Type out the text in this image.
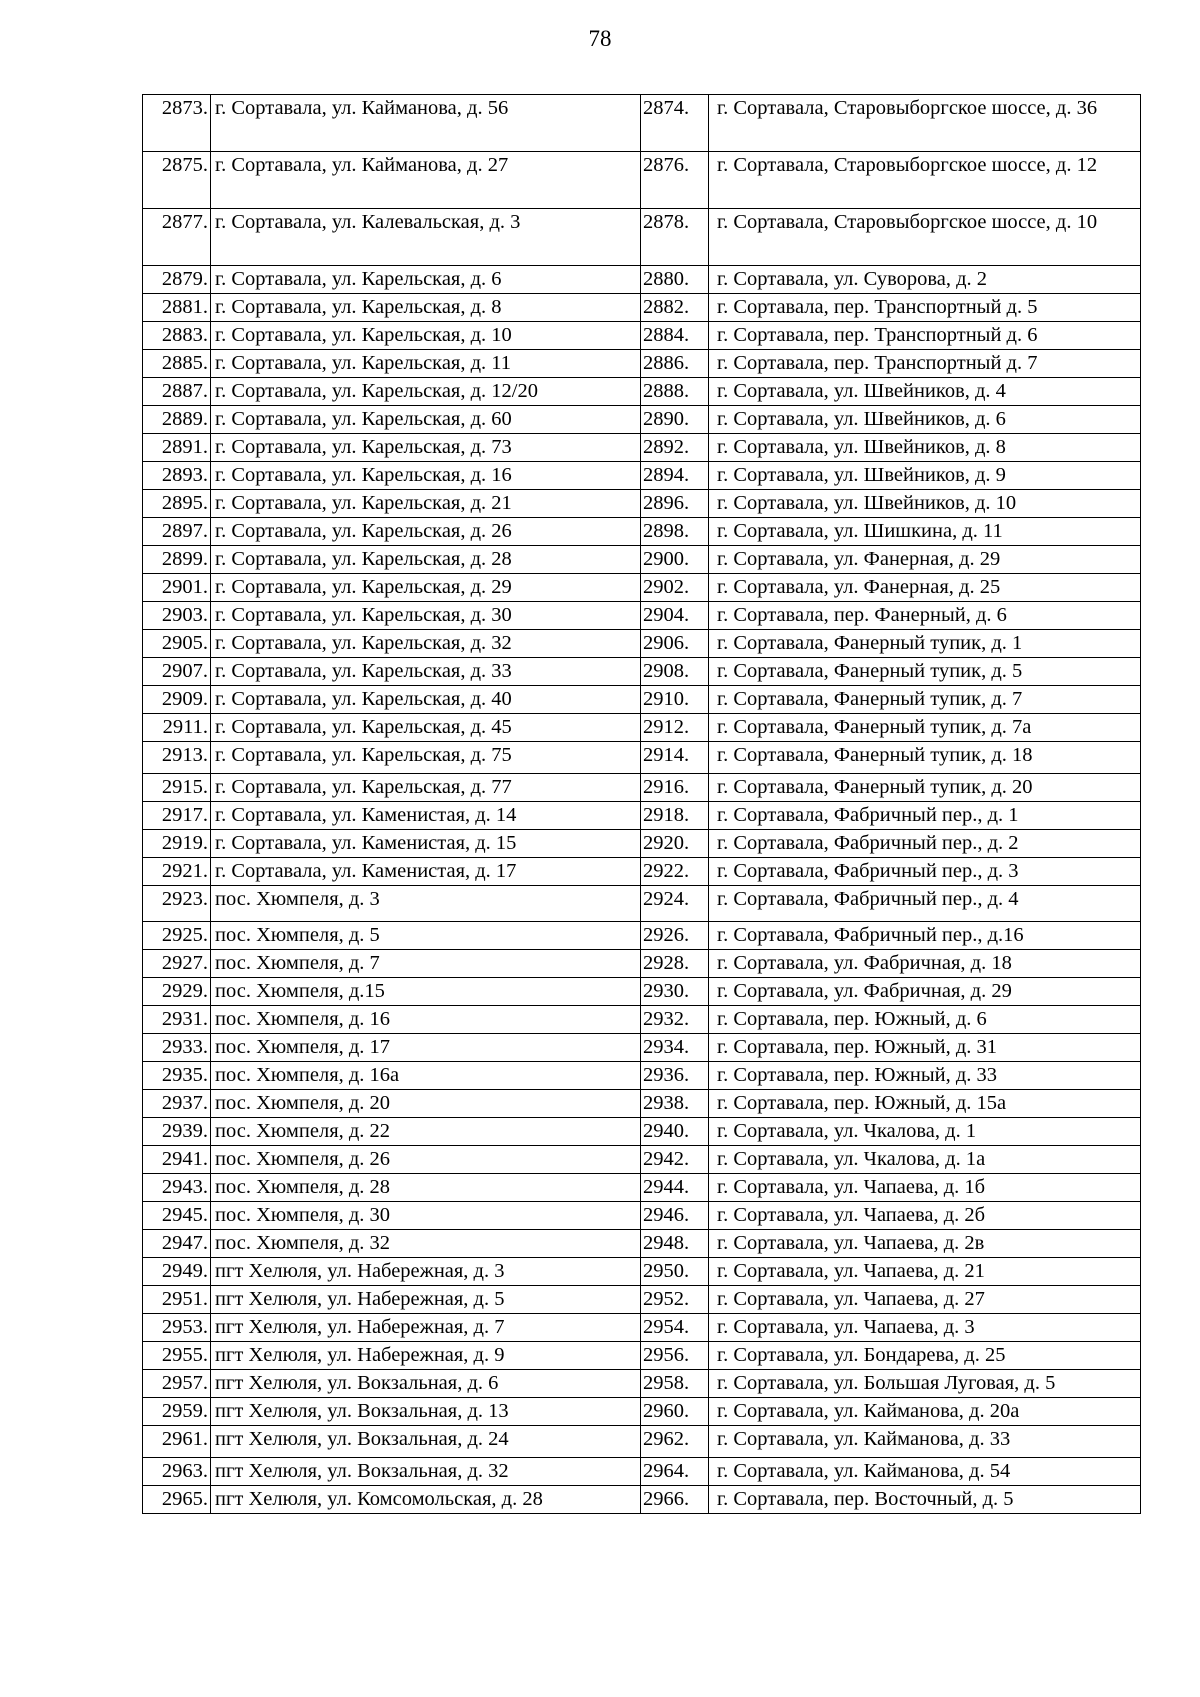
78
2873.	г. Сортавала, ул. Кайманова, д. 56	2874.	г. Сортавала, Старовыборгское шоссе, д. 36
2875.	г. Сортавала, ул. Кайманова, д. 27	2876.	г. Сортавала, Старовыборгское шоссе, д. 12
2877.	г. Сортавала, ул. Калевальская, д. 3	2878.	г. Сортавала, Старовыборгское шоссе, д. 10
2879.	г. Сортавала, ул. Карельская, д. 6	2880.	г. Сортавала, ул. Суворова, д. 2
2881.	г. Сортавала, ул. Карельская, д. 8	2882.	г. Сортавала, пер. Транспортный д. 5
2883.	г. Сортавала, ул. Карельская, д. 10	2884.	г. Сортавала, пер. Транспортный д. 6
2885.	г. Сортавала, ул. Карельская, д. 11	2886.	г. Сортавала, пер. Транспортный д. 7
2887.	г. Сортавала, ул. Карельская, д. 12/20	2888.	г. Сортавала, ул. Швейников, д. 4
2889.	г. Сортавала, ул. Карельская, д. 60	2890.	г. Сортавала, ул. Швейников, д. 6
2891.	г. Сортавала, ул. Карельская, д. 73	2892.	г. Сортавала, ул. Швейников, д. 8
2893.	г. Сортавала, ул. Карельская, д. 16	2894.	г. Сортавала, ул. Швейников, д. 9
2895.	г. Сортавала, ул. Карельская, д. 21	2896.	г. Сортавала, ул. Швейников, д. 10
2897.	г. Сортавала, ул. Карельская, д. 26	2898.	г. Сортавала, ул. Шишкина, д. 11
2899.	г. Сортавала, ул. Карельская, д. 28	2900.	г. Сортавала, ул. Фанерная, д. 29
2901.	г. Сортавала, ул. Карельская, д. 29	2902.	г. Сортавала, ул. Фанерная, д. 25
2903.	г. Сортавала, ул. Карельская, д. 30	2904.	г. Сортавала, пер. Фанерный, д. 6
2905.	г. Сортавала, ул. Карельская, д. 32	2906.	г. Сортавала, Фанерный тупик, д. 1
2907.	г. Сортавала, ул. Карельская, д. 33	2908.	г. Сортавала, Фанерный тупик, д. 5
2909.	г. Сортавала, ул. Карельская, д. 40	2910.	г. Сортавала, Фанерный тупик, д. 7
2911.	г. Сортавала, ул. Карельская, д. 45	2912.	г. Сортавала, Фанерный тупик, д. 7а
2913.	г. Сортавала, ул. Карельская, д. 75	2914.	г. Сортавала, Фанерный тупик, д. 18
2915.	г. Сортавала, ул. Карельская, д. 77	2916.	г. Сортавала, Фанерный тупик, д. 20
2917.	г. Сортавала, ул. Каменистая, д. 14	2918.	г. Сортавала, Фабричный пер., д. 1
2919.	г. Сортавала, ул. Каменистая, д. 15	2920.	г. Сортавала, Фабричный пер., д. 2
2921.	г. Сортавала, ул. Каменистая, д. 17	2922.	г. Сортавала, Фабричный пер., д. 3
2923.	пос. Хюмпеля, д. 3	2924.	г. Сортавала, Фабричный пер., д. 4
2925.	пос. Хюмпеля, д. 5	2926.	г. Сортавала, Фабричный пер., д.16
2927.	пос. Хюмпеля, д. 7	2928.	г. Сортавала, ул. Фабричная, д. 18
2929.	пос. Хюмпеля, д.15	2930.	г. Сортавала, ул. Фабричная, д. 29
2931.	пос. Хюмпеля, д. 16	2932.	г. Сортавала, пер. Южный, д. 6
2933.	пос. Хюмпеля, д. 17	2934.	г. Сортавала, пер. Южный, д. 31
2935.	пос. Хюмпеля, д. 16а	2936.	г. Сортавала, пер. Южный, д. 33
2937.	пос. Хюмпеля, д. 20	2938.	г. Сортавала, пер. Южный, д. 15а
2939.	пос. Хюмпеля, д. 22	2940.	г. Сортавала, ул. Чкалова, д. 1
2941.	пос. Хюмпеля, д. 26	2942.	г. Сортавала, ул. Чкалова, д. 1а
2943.	пос. Хюмпеля, д. 28	2944.	г. Сортавала, ул. Чапаева, д. 1б
2945.	пос. Хюмпеля, д. 30	2946.	г. Сортавала, ул. Чапаева, д. 2б
2947.	пос. Хюмпеля, д. 32	2948.	г. Сортавала, ул. Чапаева, д. 2в
2949.	пгт Хелюля, ул. Набережная, д. 3	2950.	г. Сортавала, ул. Чапаева, д. 21
2951.	пгт Хелюля, ул. Набережная, д. 5	2952.	г. Сортавала, ул. Чапаева, д. 27
2953.	пгт Хелюля, ул. Набережная, д. 7	2954.	г. Сортавала, ул. Чапаева, д. 3
2955.	пгт Хелюля, ул. Набережная, д. 9	2956.	г. Сортавала, ул. Бондарева, д. 25
2957.	пгт Хелюля, ул. Вокзальная, д. 6	2958.	г. Сортавала, ул. Большая Луговая, д. 5
2959.	пгт Хелюля, ул. Вокзальная, д. 13	2960.	г. Сортавала, ул. Кайманова, д. 20а
2961.	пгт Хелюля, ул. Вокзальная, д. 24	2962.	г. Сортавала, ул. Кайманова, д. 33
2963.	пгт Хелюля, ул. Вокзальная, д. 32	2964.	г. Сортавала, ул. Кайманова, д. 54
2965.	пгт Хелюля, ул. Комсомольская, д. 28	2966.	г. Сортавала, пер. Восточный, д. 5
